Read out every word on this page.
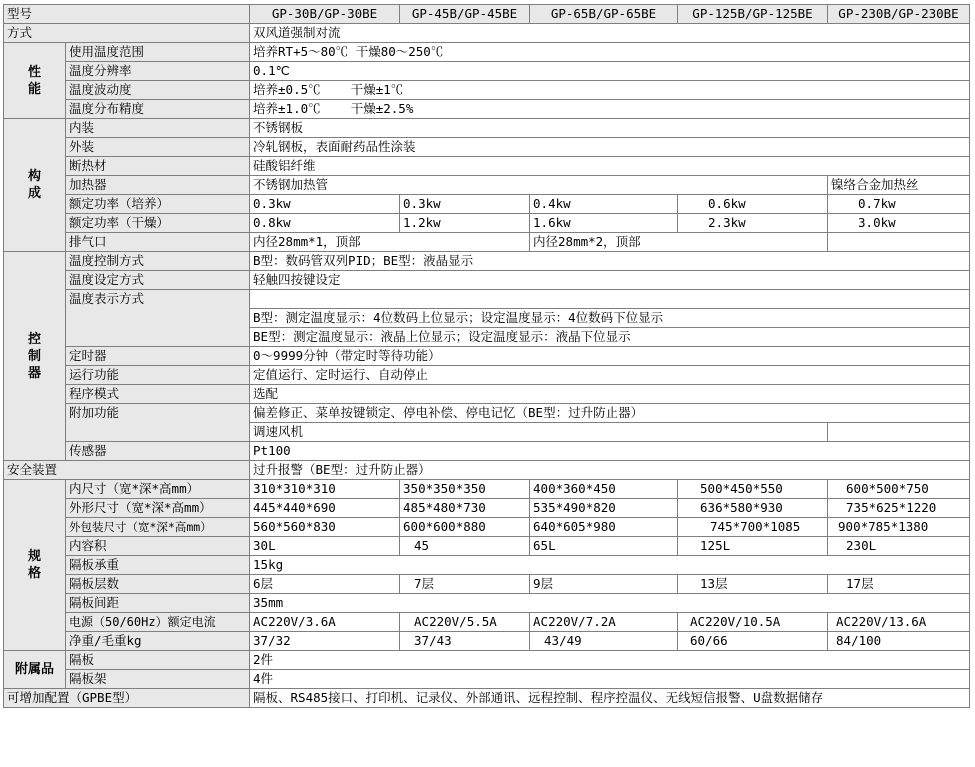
型号		GP-30B/GP-30BE	GP-45B/GP-45BE	GP-65B/GP-65BE	GP-125B/GP-125BE	GP-230B/GP-230BE
方式		双风道强制对流				
性能	使用温度范围	培养RT+5～80℃ 干燥80～250℃				
	温度分辨率	0.1℃				
	温度波动度	培养±0.5℃    干燥±1℃				
	温度分布精度	培养±1.0℃    干燥±2.5%				
构成	内装	不锈钢板				
	外装	冷轧钢板，表面耐药品性涂装				
	断热材	硅酸铝纤维				
	加热器	不锈钢加热管				镍络合金加热丝
	额定功率（培养）	0.3kw	0.3kw	0.4kw	0.6kw	0.7kw
	额定功率（干燥）	0.8kw	1.2kw	1.6kw	2.3kw	3.0kw
	排气口	内径28mm*1，顶部		内径28mm*2，顶部		
控制器	温度控制方式	B型：数码管双列PID；BE型：液晶显示				
	温度设定方式	轻触四按键设定				
	温度表示方式					
		B型：测定温度显示：4位数码上位显示；设定温度显示：4位数码下位显示				
		BE型：测定温度显示：液晶上位显示；设定温度显示：液晶下位显示				
	定时器	0～9999分钟（带定时等待功能）				
	运行功能	定值运行、定时运行、自动停止				
	程序模式	选配				
	附加功能	偏差修正、菜单按键锁定、停电补偿、停电记忆（BE型：过升防止器）				
		调速风机				
	传感器	Pt100				
安全装置		过升报警（BE型：过升防止器）				
规格	内尺寸（宽*深*高mm）	310*310*310	350*350*350	400*360*450	500*450*550	600*500*750
	外形尺寸（宽*深*高mm）	445*440*690	485*480*730	535*490*820	636*580*930	735*625*1220
	外包装尺寸（宽*深*高mm）	560*560*830	600*600*880	640*605*980	745*700*1085	900*785*1380
	内容积	30L	45	65L	125L	230L
	隔板承重	15kg				
	隔板层数	6层	7层	9层	13层	17层
	隔板间距	35mm				
	电源（50/60Hz）额定电流	AC220V/3.6A	AC220V/5.5A	AC220V/7.2A	AC220V/10.5A	AC220V/13.6A
	净重/毛重kg	37/32	37/43	43/49	60/66	84/100
附属品	隔板	2件				
	隔板架	4件				
可增加配置（GPBE型）		隔板、RS485接口、打印机、记录仪、外部通讯、远程控制、程序控温仪、无线短信报警、U盘数据储存				
